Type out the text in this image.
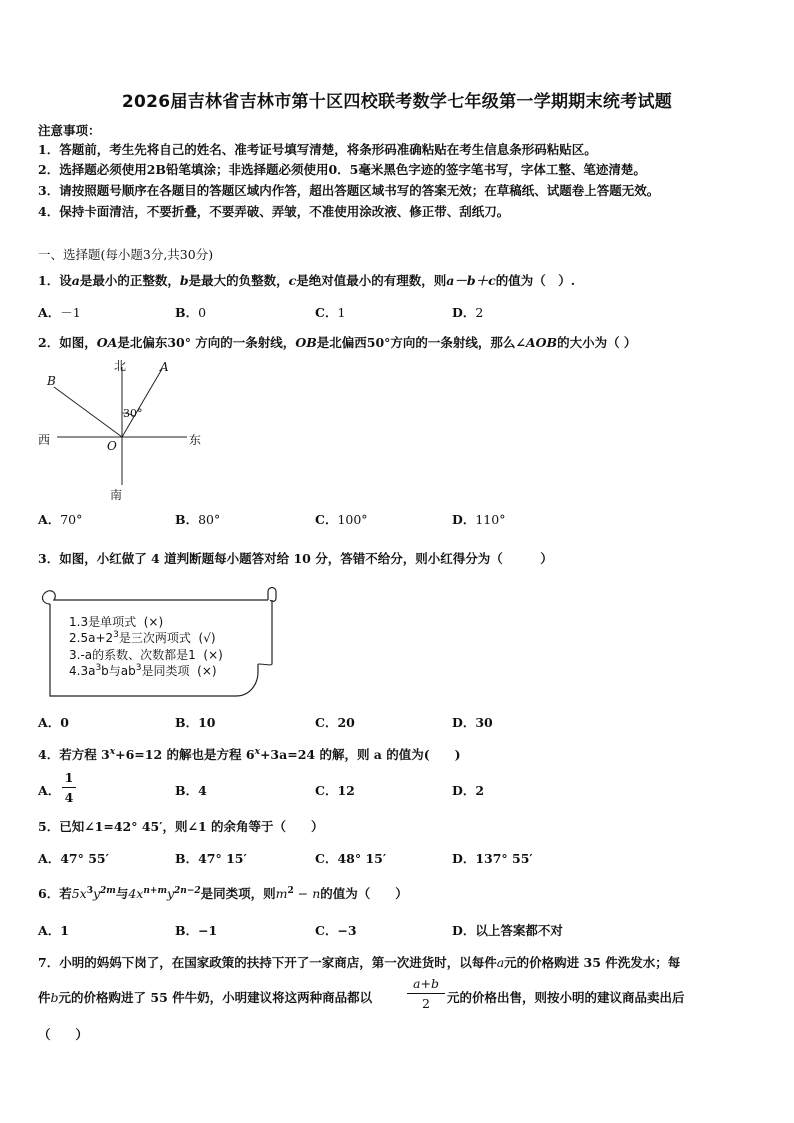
2026届吉林省吉林市第十区四校联考数学七年级第一学期期末统考试题
注意事项：
1．答题前，考生先将自己的姓名、准考证号填写清楚，将条形码准确粘贴在考生信息条形码粘贴区。
2．选择题必须使用2B铅笔填涂；非选择题必须使用0．5毫米黑色字迹的签字笔书写，字体工整、笔迹清楚。
3．请按照题号顺序在各题目的答题区域内作答，超出答题区域书写的答案无效；在草稿纸、试题卷上答题无效。
4．保持卡面清洁，不要折叠，不要弄破、弄皱，不准使用涂改液、修正带、刮纸刀。
一、选择题(每小题3分,共30分)
1．设a是最小的正整数，b是最大的负整数，c是绝对值最小的有理数，则a－b＋c的值为（　）.
A．－1	B．0	C．1	D．2
2．如图，OA是北偏东30° 方向的一条射线，OB是北偏西50°方向的一条射线，那么∠AOB的大小为（ ）
北
南
东
西
A
B
O
30°
A．70°	B．80°	C．100°	D．110°
3．如图，小红做了 4 道判断题每小题答对给 10 分，答错不给分，则小红得分为（　　　）
1.3是单项式 (×)
$2.5a+2^3$是三次两项式 (√)
3.-a的系数、次数都是1 (×)
$4.3a^3b$与$ab^3$是同类项 (×)
A．0	B．10	C．20	D．30
4．若方程 $3^x+6=12$ 的解也是方程 $6^x+3a=24$ 的解，则 a 的值为(　　)
A．
1
4	B．4	C．12	D．2
5．已知∠1=42° 45′，则∠1 的余角等于（　　）
A．47° 55′	B．47° 15′	C．48° 15′	D．137° 55′
6．若$5x^3y^{2m}$与$4x^{n+m}y^{2n-2}$是同类项，则$m^2 - n$的值为（　　）
A．1	B．−1	C．−3	D．以上答案都不对
7．小明的妈妈下岗了，在国家政策的扶持下开了一家商店，第一次进货时，以每件a元的价格购进 35 件洗发水；每
件b元的价格购进了 55 件牛奶，小明建议将这两种商品都以
a+b
2	元的价格出售，则按小明的建议商品卖出后
（　　）
